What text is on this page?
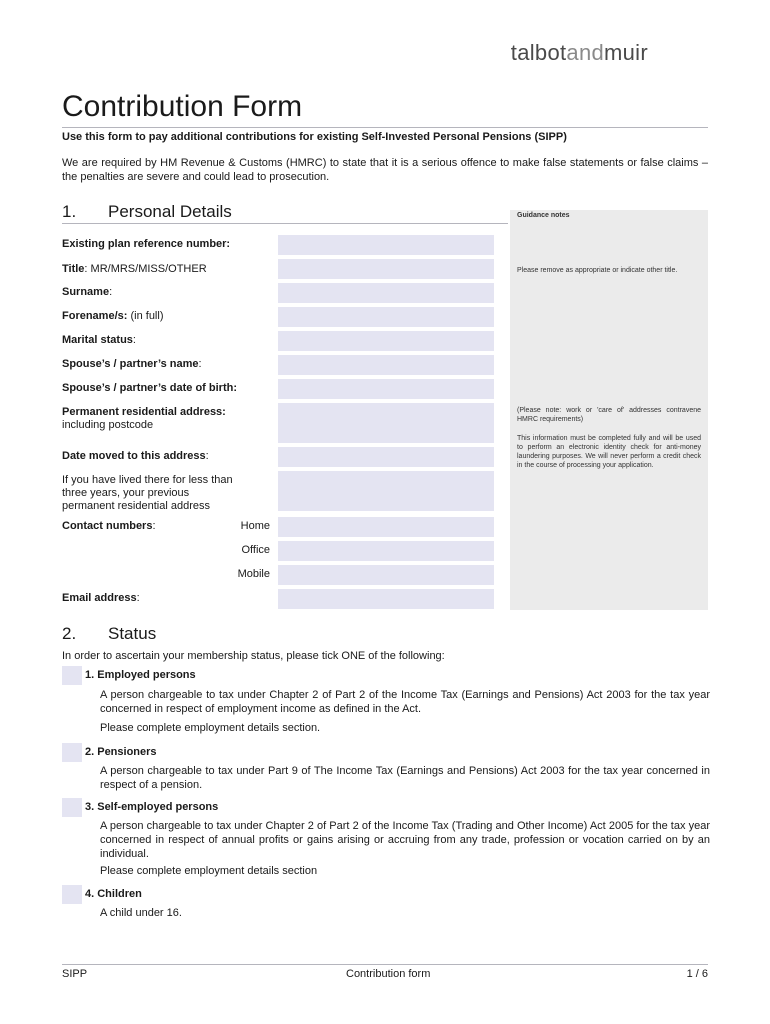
talbotandmuir
Contribution Form
Use this form to pay additional contributions for existing Self-Invested Personal Pensions (SIPP)
We are required by HM Revenue & Customs (HMRC) to state that it is a serious offence to make false statements or false claims – the penalties are severe and could lead to prosecution.
1. Personal Details	Guidance notes
Please remove as appropriate or indicate other title.
(Please note: work or 'care of' addresses contravene HMRC requirements)
This information must be completed fully and will be used to perform an electronic identity check for anti-money laundering purposes. We will never perform a credit check in the course of processing your application.
Existing plan reference number:
Title: MR/MRS/MISS/OTHER
Surname:
Forename/s: (in full)
Marital status:
Spouse’s / partner’s name:
Spouse’s / partner’s date of birth:
Permanent residential address:
including postcode
Date moved to this address:
If you have lived there for less than three years, your previous permanent residential address
Contact numbers:	Home
Office
Mobile
Email address:
2. Status
In order to ascertain your membership status, please tick ONE of the following:
1. Employed persons
A person chargeable to tax under Chapter 2 of Part 2 of the Income Tax (Earnings and Pensions) Act 2003 for the tax year concerned in respect of employment income as defined in the Act.
Please complete employment details section.
2. Pensioners
A person chargeable to tax under Part 9 of The Income Tax (Earnings and Pensions) Act 2003 for the tax year concerned in respect of a pension.
3. Self-employed persons
A person chargeable to tax under Chapter 2 of Part 2 of the Income Tax (Trading and Other Income) Act 2005 for the tax year concerned in respect of annual profits or gains arising or accruing from any trade, profession or vocation carried on by an individual.
Please complete employment details section
4. Children
A child under 16.
SIPP	Contribution form	1 / 6
